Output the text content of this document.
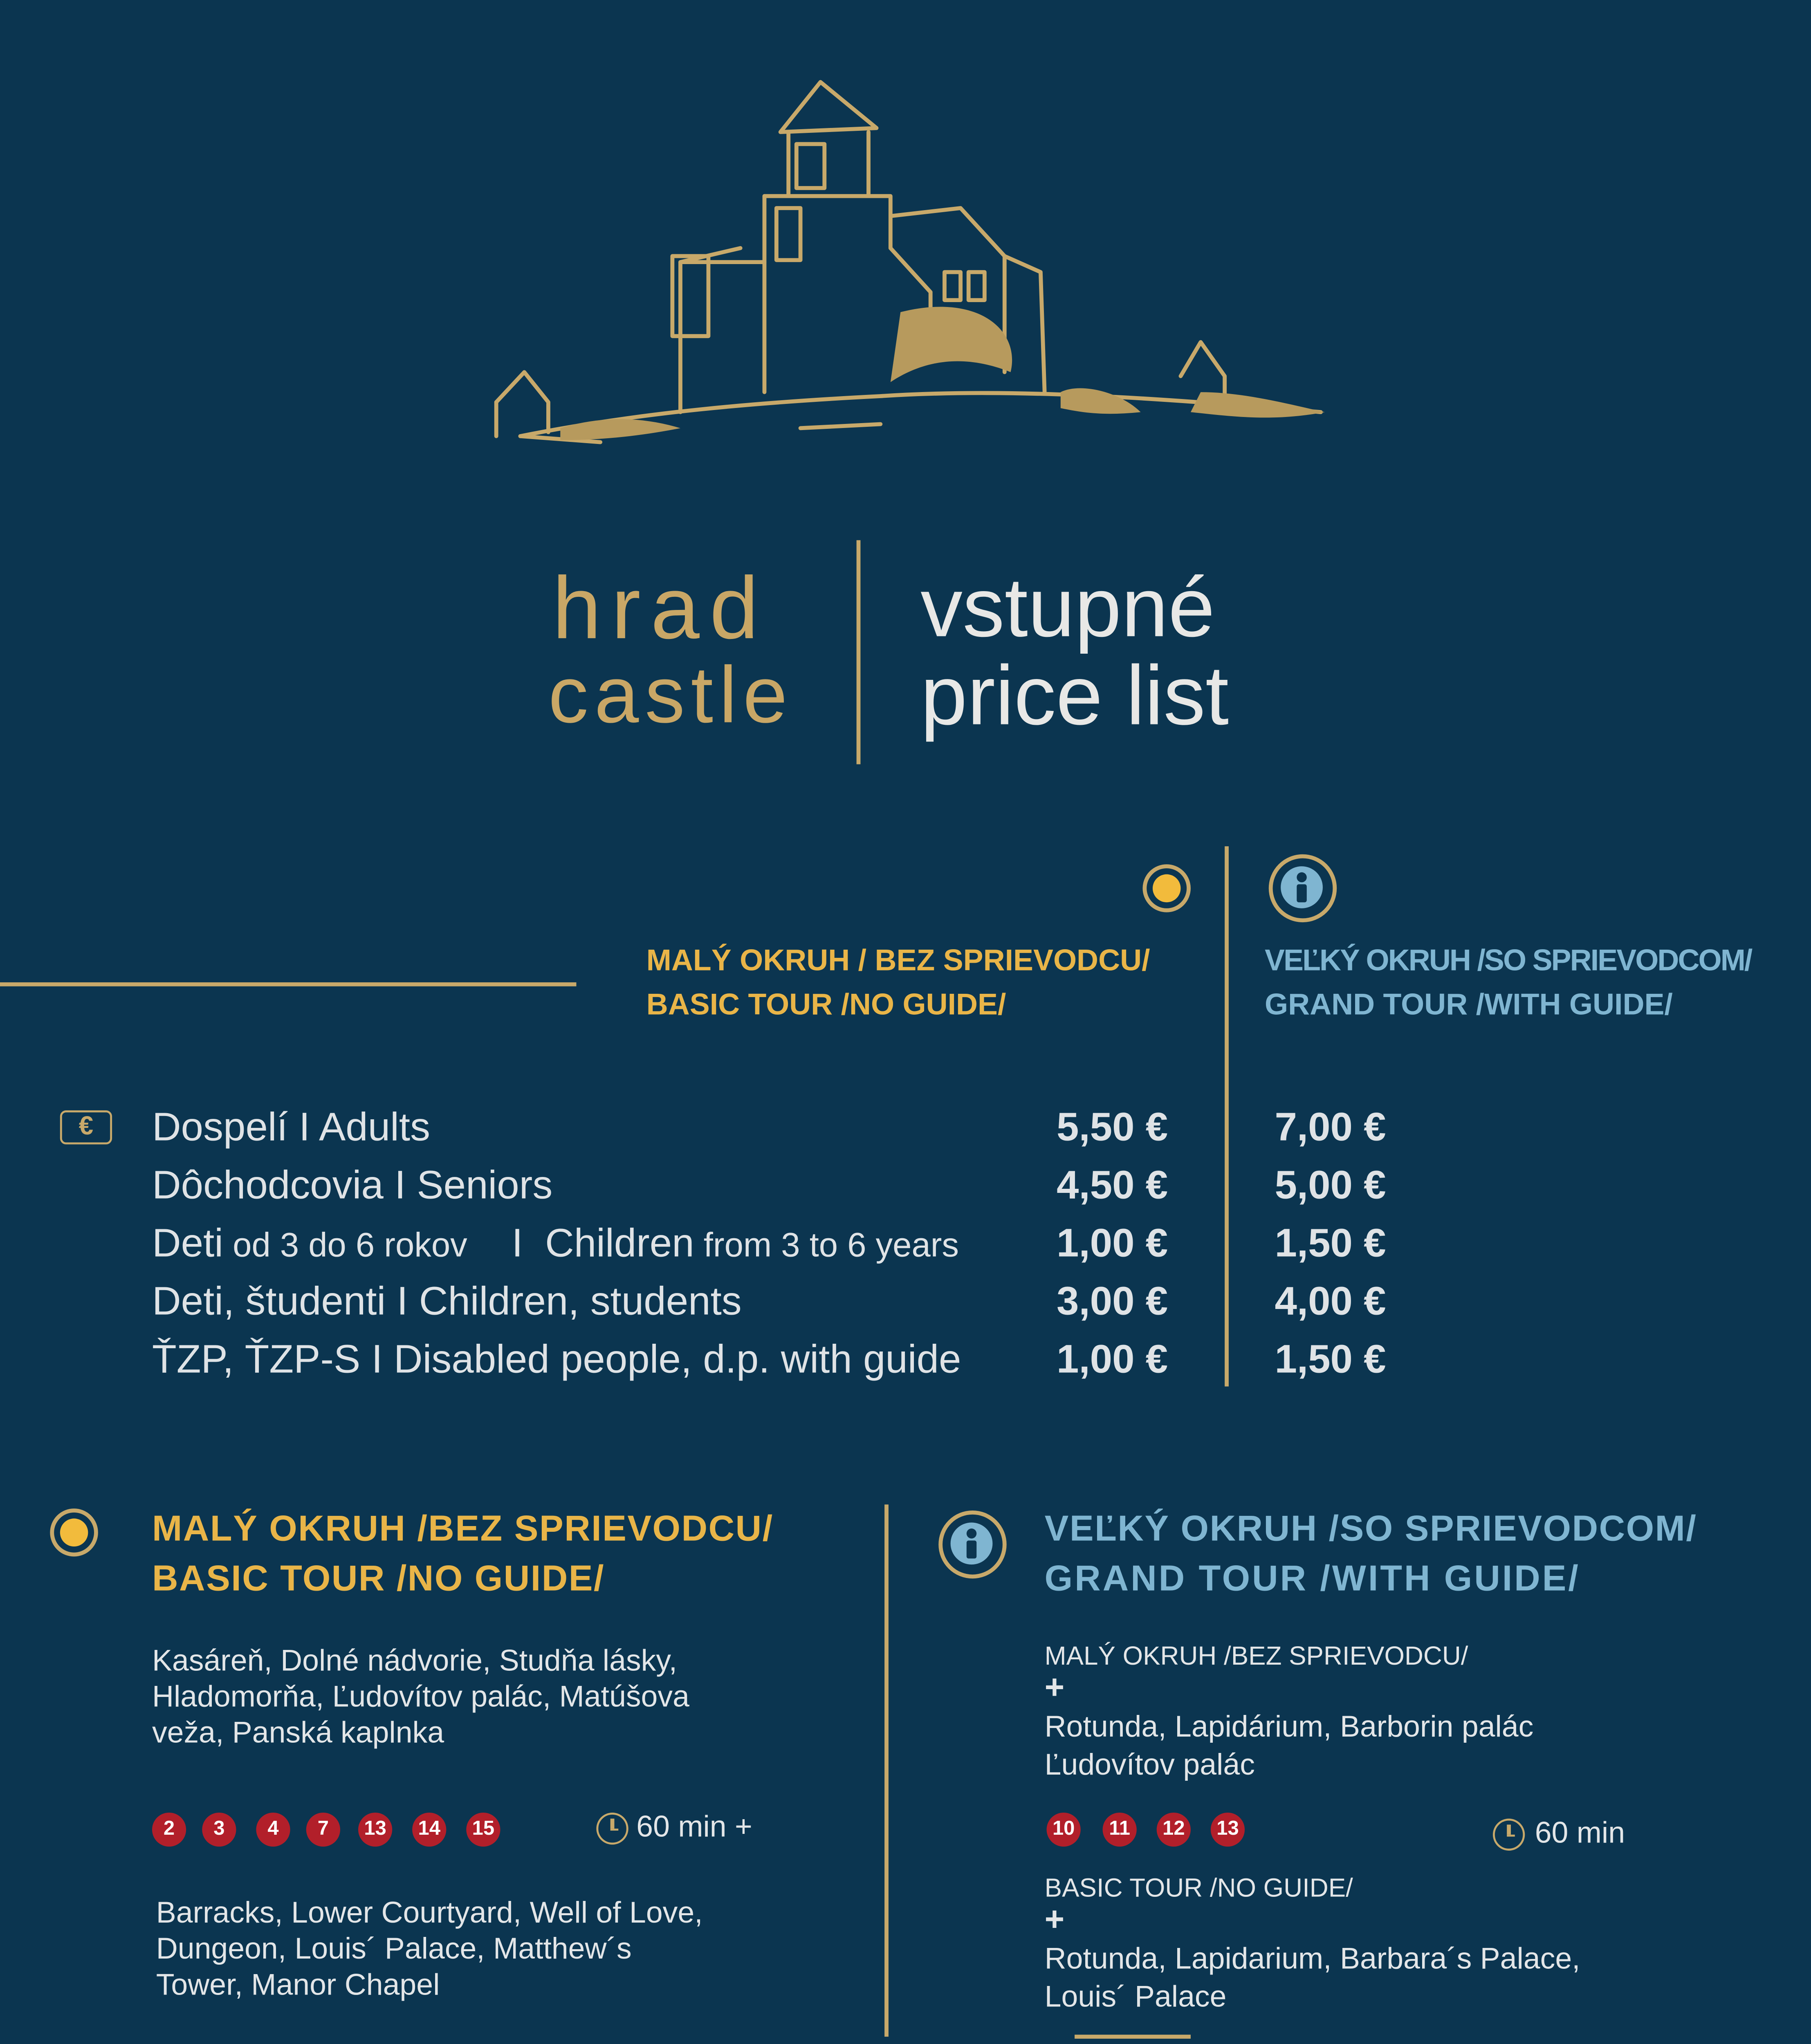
hrad
castle
vstupné
price list
MALÝ OKRUH / BEZ SPRIEVODCU/
BASIC TOUR /NO GUIDE/
VEĽKÝ OKRUH /SO SPRIEVODCOM/
GRAND TOUR /WITH GUIDE/
€	Dospelí I Adults	5,50 €	7,00 €
Dôchodcovia I Seniors	4,50 €	5,00 €
Deti od 3 do 6 rokov    I  Children from 3 to 6 years	1,00 €	1,50 €
Deti, študenti I Children, students	3,00 €	4,00 €
ŤZP, ŤZP-S I Disabled people, d.p. with guide	1,00 €	1,50 €
MALÝ OKRUH /BEZ SPRIEVODCU/
BASIC TOUR /NO GUIDE/
Kasáreň, Dolné nádvorie, Studňa lásky,
Hladomorňa, Ľudovítov palác, Matúšova
veža, Panská kaplnka
2	3	4	7	13	14	15	60 min +
Barracks, Lower Courtyard, Well of Love,
Dungeon, Louis´ Palace, Matthew´s
Tower, Manor Chapel
VEĽKÝ OKRUH /SO SPRIEVODCOM/
GRAND TOUR /WITH GUIDE/
MALÝ OKRUH /BEZ SPRIEVODCU/
+
Rotunda, Lapidárium, Barborin palác
Ľudovítov palác
10	11	12	13	60 min
BASIC TOUR /NO GUIDE/
+
Rotunda, Lapidarium, Barbara´s Palace,
Louis´ Palace
